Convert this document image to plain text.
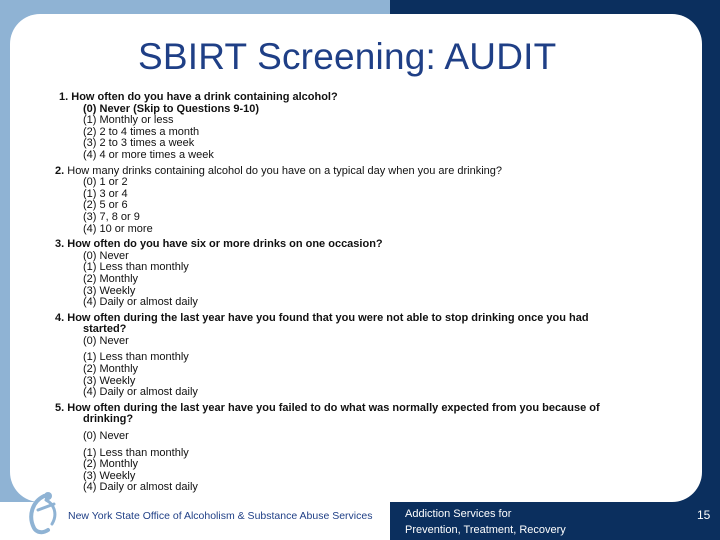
SBIRT Screening: AUDIT
1. How often do you have a drink containing alcohol?
(0) Never (Skip to Questions 9-10)
(1) Monthly or less
(2) 2 to 4 times a month
(3) 2 to 3 times a week
(4) 4 or more times a week
2. How many drinks containing alcohol do you have on a typical day when you are drinking?
(0) 1 or 2
(1) 3 or 4
(2) 5 or 6
(3) 7, 8 or 9
(4) 10 or more
3. How often do you have six or more drinks on one occasion?
(0) Never
(1) Less than monthly
(2) Monthly
(3) Weekly
(4) Daily or almost daily
4. How often during the last year have you found that you were not able to stop drinking once you had
started?
(0) Never
(1) Less than monthly
(2) Monthly
(3) Weekly
(4) Daily or almost daily
5. How often during the last year have you failed to do what was normally expected from you because of
drinking?
(0) Never
(1) Less than monthly
(2) Monthly
(3) Weekly
(4) Daily or almost daily
New York State Office of Alcoholism & Substance Abuse Services	Addiction Services for
Prevention, Treatment, Recovery
15
